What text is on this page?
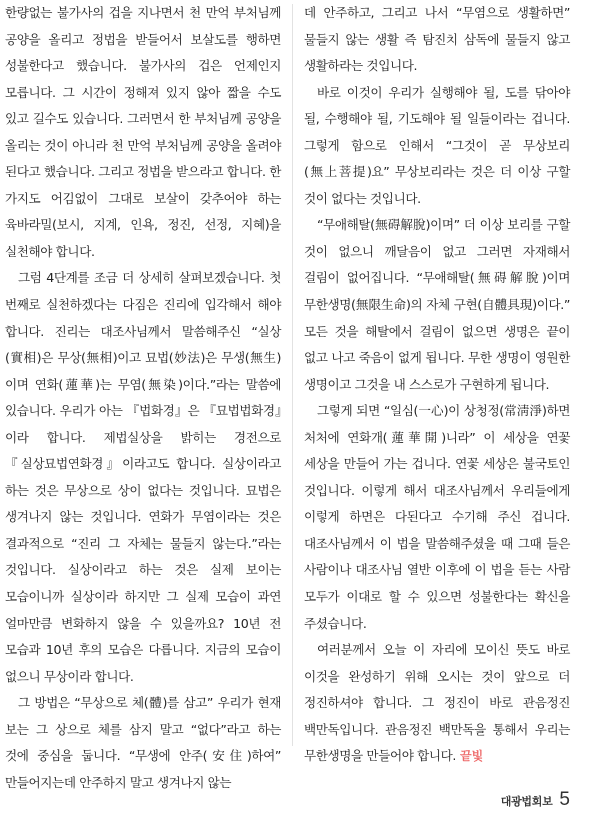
한량없는 불가사의 겁을 지나면서 천 만억 부처님께 공양을 올리고 정법을 받들어서 보살도를 행하면 성불한다고 했습니다. 불가사의 겁은 언제인지 모릅니다. 그 시간이 정해져 있지 않아 짧을 수도 있고 길수도 있습니다. 그러면서 한 부처님께 공양을 올리는 것이 아니라 천 만억 부처님께 공양을 올려야 된다고 했습니다. 그리고 정법을 받으라고 합니다. 한 가지도 어김없이 그대로 보살이 갖추어야 하는 육바라밀(보시, 지계, 인욕, 정진, 선정, 지혜)을 실천해야 합니다.

그럼 4단계를 조금 더 상세히 살펴보겠습니다. 첫 번째로 실천하겠다는 다짐은 진리에 입각해서 해야 합니다. 진리는 대조사님께서 말씀해주신 “실상(實相)은 무상(無相)이고 묘법(妙法)은 무생(無生)이며 연화(蓮華)는 무염(無染)이다.”라는 말씀에 있습니다. 우리가 아는 『법화경』은 『묘법법화경』이라 합니다. 제법실상을 밝히는 경전으로 『실상묘법연화경』이라고도 합니다. 실상이라고 하는 것은 무상으로 상이 없다는 것입니다. 묘법은 생겨나지 않는 것입니다. 연화가 무염이라는 것은 결과적으로 “진리 그 자체는 물들지 않는다.”라는 것입니다. 실상이라고 하는 것은 실제 보이는 모습이니까 실상이라 하지만 그 실제 모습이 과연 얼마만큼 변화하지 않을 수 있을까요? 10년 전 모습과 10년 후의 모습은 다릅니다. 지금의 모습이 없으니 무상이라 합니다.

그 방법은 “무상으로 체(體)를 삼고” 우리가 현재 보는 그 상으로 체를 삼지 말고 “없다”라고 하는 것에 중심을 둡니다. “무생에 안주(安住)하여” 만들어지는데 안주하지 말고 생겨나지 않는

데 안주하고, 그리고 나서 “무염으로 생활하면” 물들지 않는 생활 즉 탐진치 삼독에 물들지 않고 생활하라는 것입니다.

바로 이것이 우리가 실행해야 될, 도를 닦아야 될, 수행해야 될, 기도해야 될 일들이라는 겁니다. 그렇게 함으로 인해서 “그것이 곧 무상보리(無上菩提)요” 무상보리라는 것은 더 이상 구할 것이 없다는 것입니다.

“무애해탈(無碍解脫)이며” 더 이상 보리를 구할 것이 없으니 깨달음이 없고 그러면 자재해서 걸림이 없어집니다. “무애해탈(無碍解脫)이며 무한생명(無限生命)의 자체 구현(自體具現)이다.” 모든 것을 해탈에서 걸림이 없으면 생명은 끝이 없고 나고 죽음이 없게 됩니다. 무한 생명이 영원한 생명이고 그것을 내 스스로가 구현하게 됩니다.

그렇게 되면 “일심(一心)이 상청정(常淸淨)하면 처처에 연화개(蓮華開)니라” 이 세상을 연꽃 세상을 만들어 가는 겁니다. 연꽃 세상은 불국토인 것입니다. 이렇게 해서 대조사님께서 우리들에게 이렇게 하면은 다된다고 수기해 주신 겁니다. 대조사님께서 이 법을 말씀해주셨을 때 그때 들은 사람이나 대조사님 열반 이후에 이 법을 듣는 사람 모두가 이대로 할 수 있으면 성불한다는 확신을 주셨습니다.

여러분께서 오늘 이 자리에 모이신 뜻도 바로 이것을 완성하기 위해 오시는 것이 앞으로 더 정진하셔야 합니다. 그 정진이 바로 관음정진 백만독입니다. 관음정진 백만독을 통해서 우리는 무한생명을 만들어야 합니다. 끝빛

대광법회보 5
